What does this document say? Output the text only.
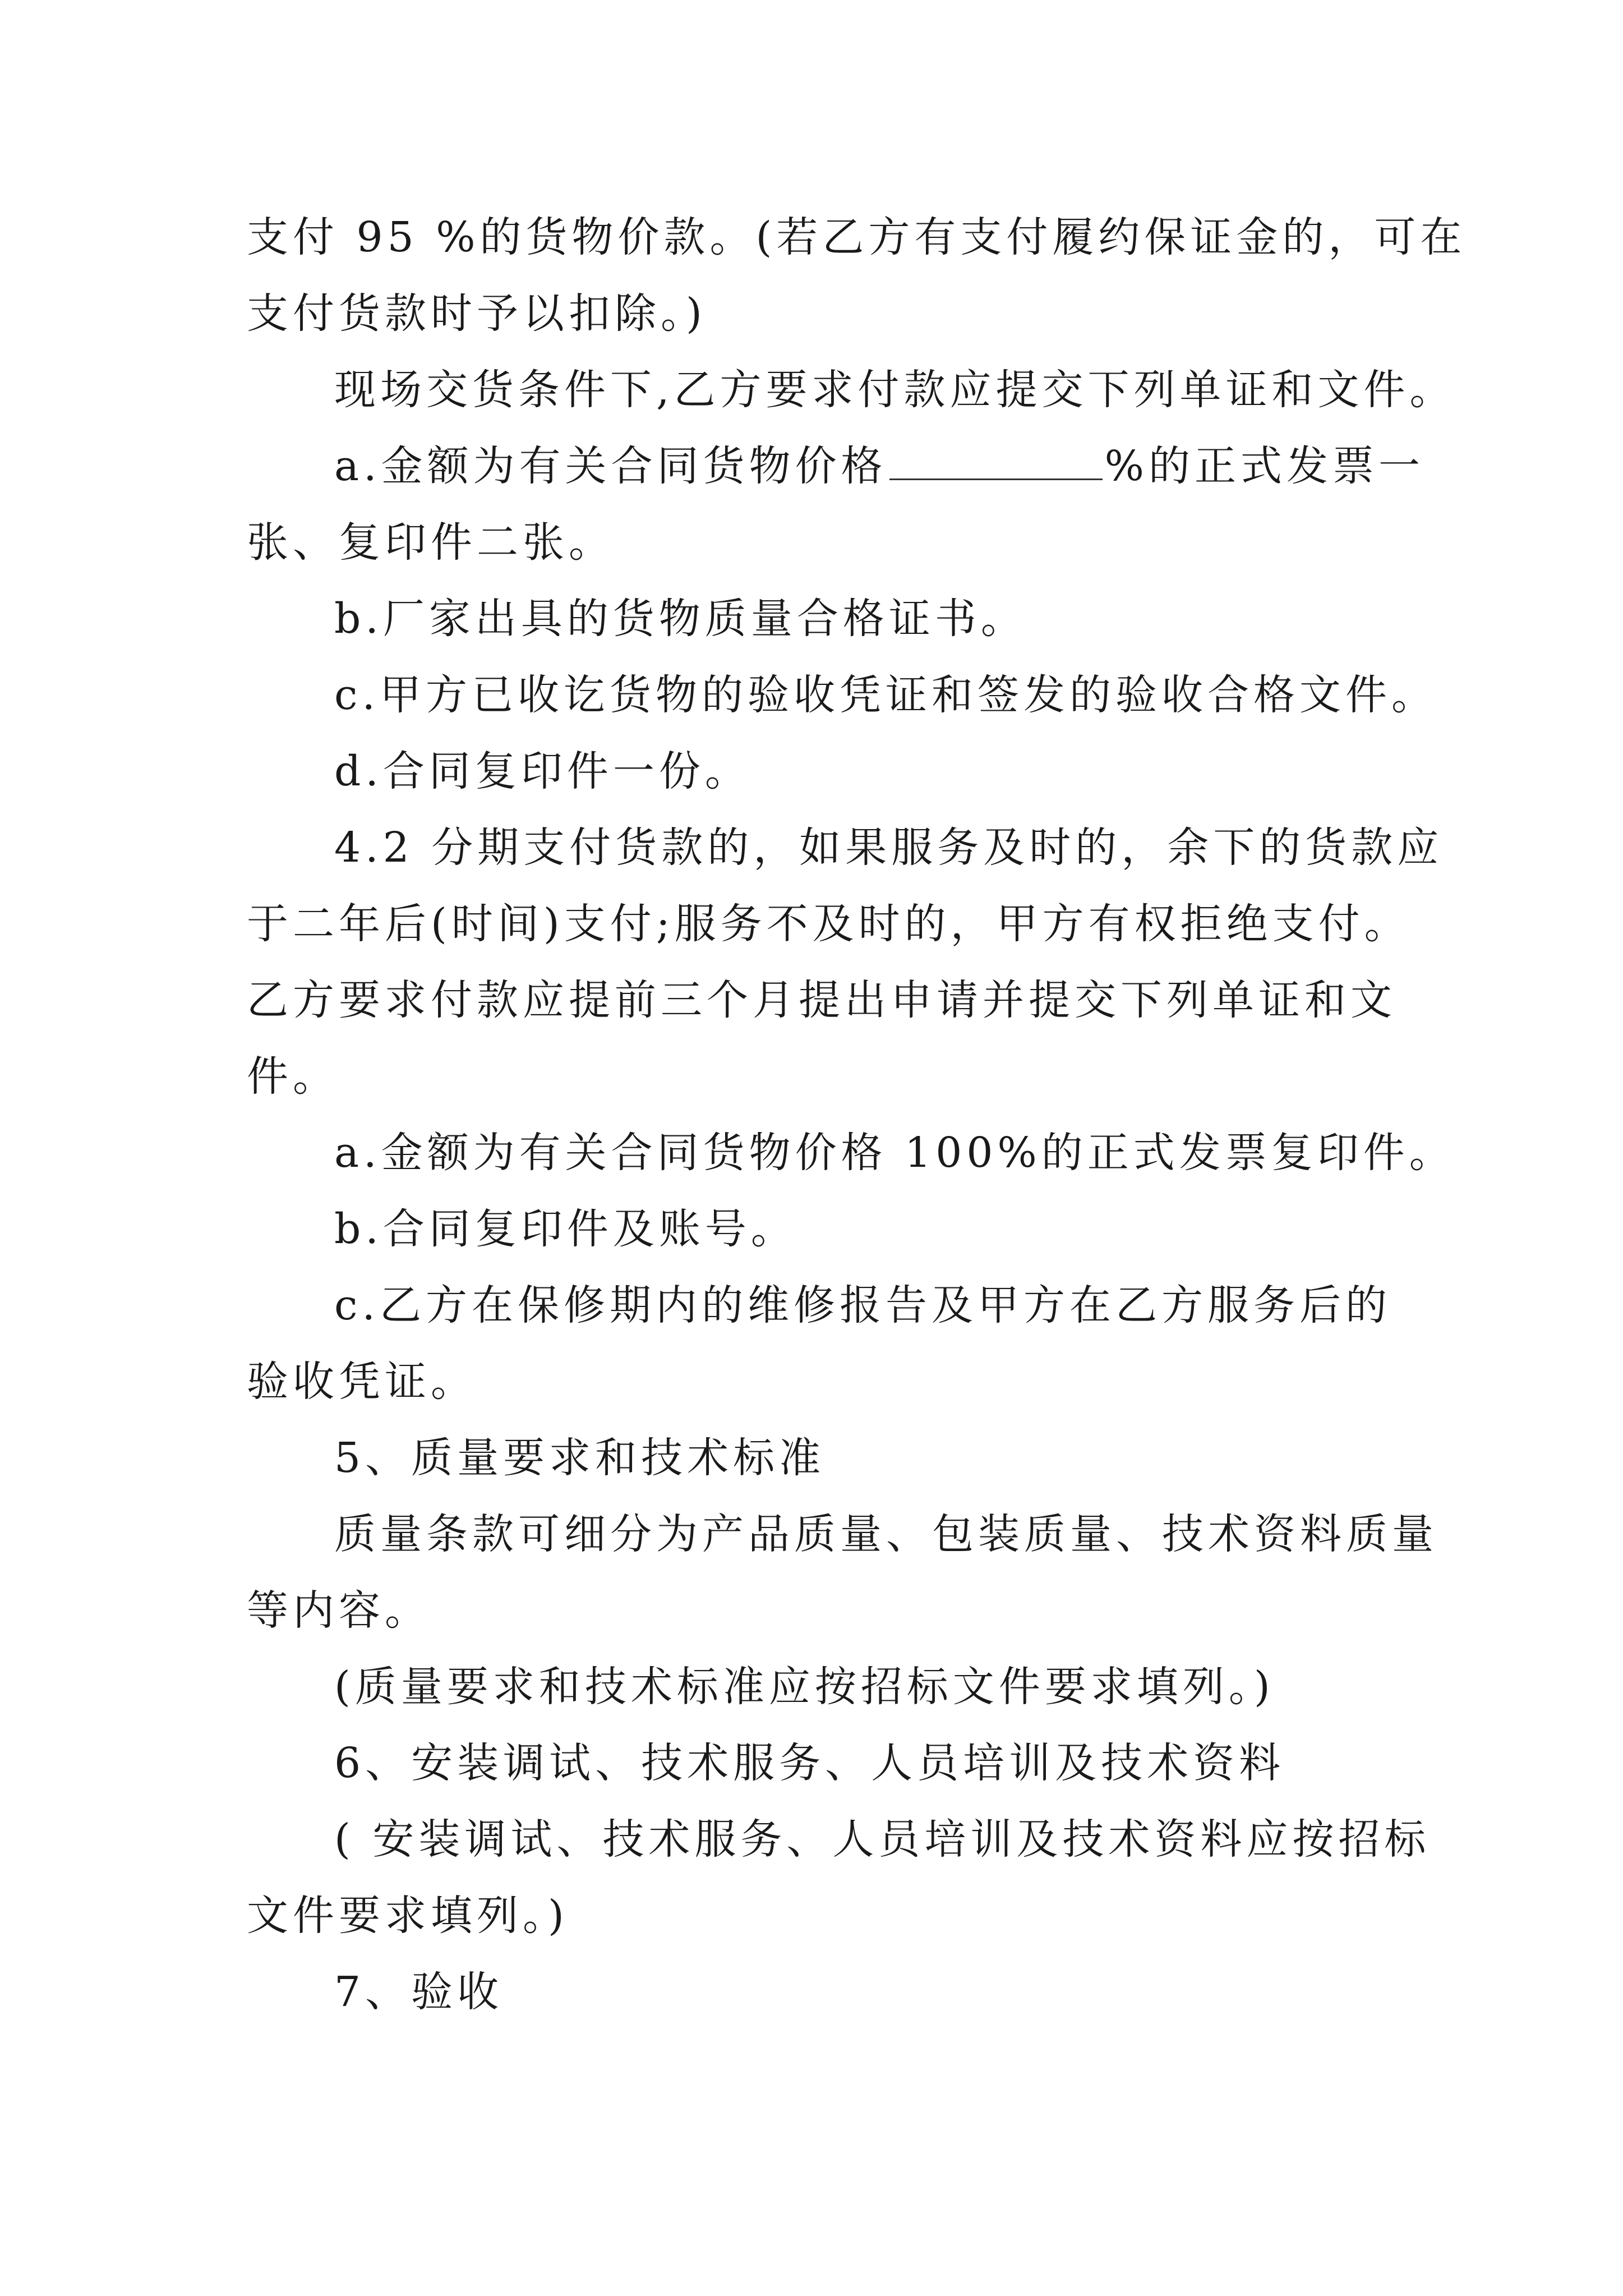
支付 95 %的货物价款。(若乙方有支付履约保证金的，可在
支付货款时予以扣除。)
现场交货条件下,乙方要求付款应提交下列单证和文件。
a.金额为有关合同货物价格	%的正式发票一
张、复印件二张。
b.厂家出具的货物质量合格证书。
c.甲方已收讫货物的验收凭证和签发的验收合格文件。
d.合同复印件一份。
4.2 分期支付货款的，如果服务及时的，余下的货款应
于二年后(时间)支付;服务不及时的，甲方有权拒绝支付。
乙方要求付款应提前三个月提出申请并提交下列单证和文
件。
a.金额为有关合同货物价格 100%的正式发票复印件。
b.合同复印件及账号。
c.乙方在保修期内的维修报告及甲方在乙方服务后的
验收凭证。
5、质量要求和技术标准
质量条款可细分为产品质量、包装质量、技术资料质量
等内容。
(质量要求和技术标准应按招标文件要求填列。)
6、安装调试、技术服务、人员培训及技术资料
( 安装调试、技术服务、人员培训及技术资料应按招标
文件要求填列。)
7、验收
